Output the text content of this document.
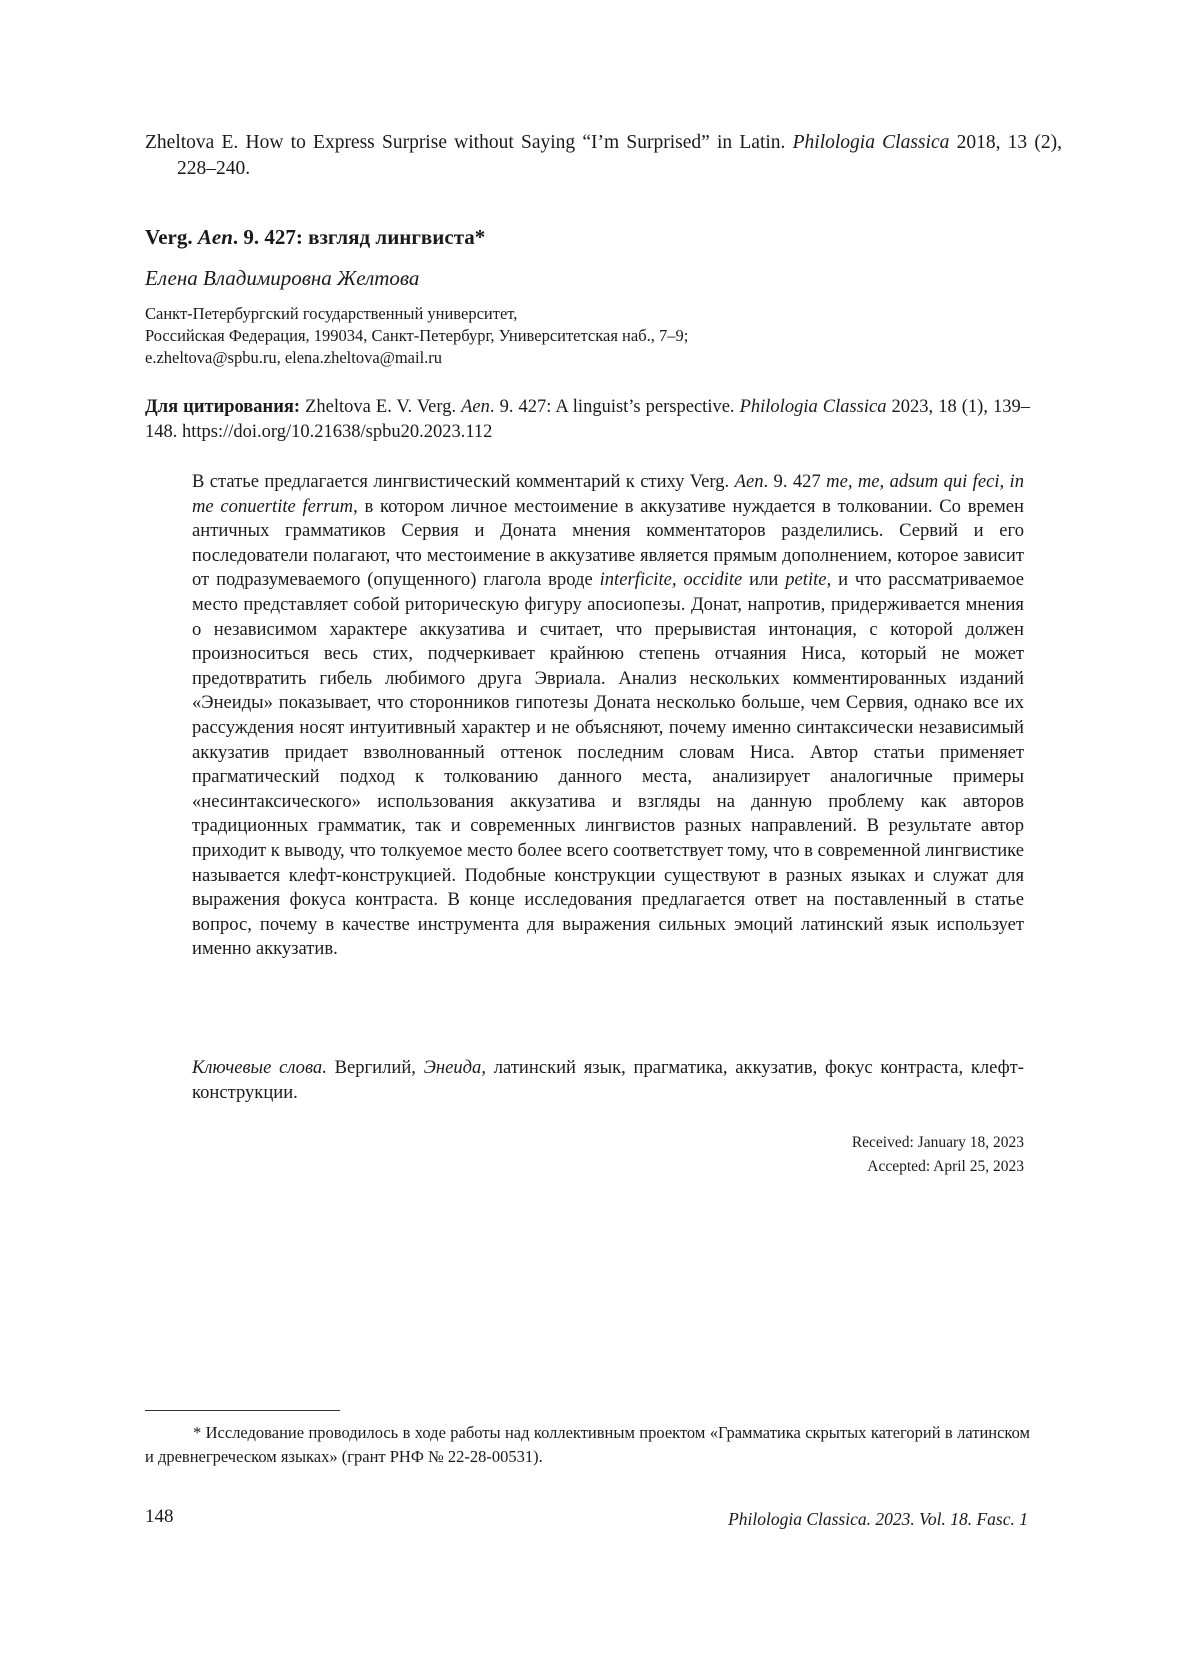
Zheltova E. How to Express Surprise without Saying “I’m Surprised” in Latin. Philologia Classica 2018, 13 (2), 228–240.
Verg. Aen. 9. 427: взгляд лингвиста*
Елена Владимировна Желтова
Санкт-Петербургский государственный университет,
Российская Федерация, 199034, Санкт-Петербург, Университетская наб., 7–9;
e.zheltova@spbu.ru, elena.zheltova@mail.ru
Для цитирования: Zheltova E. V. Verg. Aen. 9. 427: A linguist’s perspective. Philologia Classica 2023, 18 (1), 139–148. https://doi.org/10.21638/spbu20.2023.112
В статье предлагается лингвистический комментарий к стиху Verg. Aen. 9. 427 me, me, adsum qui feci, in me conuertite ferrum, в котором личное местоимение в аккузативе нуждается в толковании. Со времен античных грамматиков Сервия и Доната мнения комментаторов разделились. Сервий и его последователи полагают, что местоимение в аккузативе является прямым дополнением, которое зависит от подразумеваемого (опущенного) глагола вроде interficite, occidite или petite, и что рассматриваемое место представляет собой риторическую фигуру апосиопезы. Донат, напротив, придерживается мнения о независимом характере аккузатива и считает, что прерывистая интонация, с которой должен произноситься весь стих, подчеркивает крайнюю степень отчаяния Ниса, который не может предотвратить гибель любимого друга Эвриала. Анализ нескольких комментированных изданий «Энеиды» показывает, что сторонников гипотезы Доната несколько больше, чем Сервия, однако все их рассуждения носят интуитивный характер и не объясняют, почему именно синтаксически независимый аккузатив придает взволнованный оттенок последним словам Ниса. Автор статьи применяет прагматический подход к толкованию данного места, анализирует аналогичные примеры «несинтаксического» использования аккузатива и взгляды на данную проблему как авторов традиционных грамматик, так и современных лингвистов разных направлений. В результате автор приходит к выводу, что толкуемое место более всего соответствует тому, что в современной лингвистике называется клефт-конструкцией. Подобные конструкции существуют в разных языках и служат для выражения фокуса контраста. В конце исследования предлагается ответ на поставленный в статье вопрос, почему в качестве инструмента для выражения сильных эмоций латинский язык использует именно аккузатив.
Ключевые слова. Вергилий, Энеида, латинский язык, прагматика, аккузатив, фокус контраста, клефт-конструкции.
Received: January 18, 2023
Accepted: April 25, 2023
* Исследование проводилось в ходе работы над коллективным проектом «Грамматика скрытых категорий в латинском и древнегреческом языках» (грант РНФ № 22-28-00531).
148	Philologia Classica. 2023. Vol. 18. Fasc. 1
